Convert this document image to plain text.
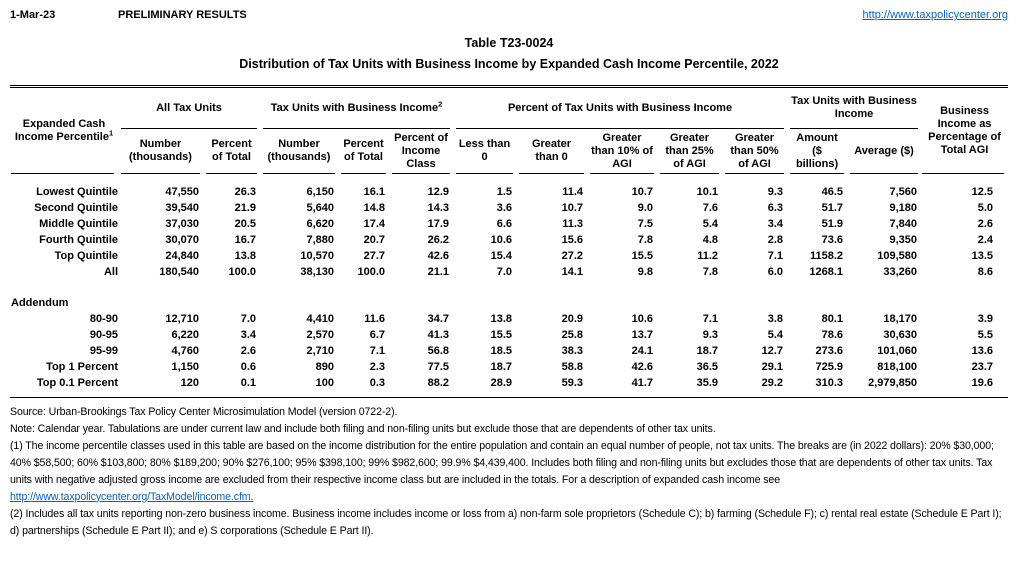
1-Mar-23	PRELIMINARY RESULTS	http://www.taxpolicycenter.org
Table T23-0024
Distribution of Tax Units with Business Income by Expanded Cash Income Percentile, 2022
Expanded Cash Income Percentile$^1$	All Tax Units		Tax Units with Business Income$^2$			Percent of Tax Units with Business Income					Tax Units with Business Income		Business Income as Percentage of Total AGI
	Number (thousands)	Percent of Total	Number (thousands)	Percent of Total	Percent of Income Class	Less than 0	Greater than 0	Greater than 10% of AGI	Greater than 25% of AGI	Greater than 50% of AGI	Amount ($ billions)	Average ($)	
Lowest Quintile	47,550	26.3	6,150	16.1	12.9	1.5	11.4	10.7	10.1	9.3	46.5	7,560	12.5
Second Quintile	39,540	21.9	5,640	14.8	14.3	3.6	10.7	9.0	7.6	6.3	51.7	9,180	5.0
Middle Quintile	37,030	20.5	6,620	17.4	17.9	6.6	11.3	7.5	5.4	3.4	51.9	7,840	2.6
Fourth Quintile	30,070	16.7	7,880	20.7	26.2	10.6	15.6	7.8	4.8	2.8	73.6	9,350	2.4
Top Quintile	24,840	13.8	10,570	27.7	42.6	15.4	27.2	15.5	11.2	7.1	1158.2	109,580	13.5
All	180,540	100.0	38,130	100.0	21.1	7.0	14.1	9.8	7.8	6.0	1268.1	33,260	8.6

Addendum													
80-90	12,710	7.0	4,410	11.6	34.7	13.8	20.9	10.6	7.1	3.8	80.1	18,170	3.9
90-95	6,220	3.4	2,570	6.7	41.3	15.5	25.8	13.7	9.3	5.4	78.6	30,630	5.5
95-99	4,760	2.6	2,710	7.1	56.8	18.5	38.3	24.1	18.7	12.7	273.6	101,060	13.6
Top 1 Percent	1,150	0.6	890	2.3	77.5	18.7	58.8	42.6	36.5	29.1	725.9	818,100	23.7
Top 0.1 Percent	120	0.1	100	0.3	88.2	28.9	59.3	41.7	35.9	29.2	310.3	2,979,850	19.6
Source: Urban-Brookings Tax Policy Center Microsimulation Model (version 0722-2).
Note: Calendar year. Tabulations are under current law and include both filing and non-filing units but exclude those that are dependents of other tax units.
(1) The income percentile classes used in this table are based on the income distribution for the entire population and contain an equal number of people, not tax units. The breaks are (in 2022 dollars): 20% $30,000; 40% $58,500; 60% $103,800; 80% $189,200; 90% $276,100; 95% $398,100; 99% $982,600; 99.9% $4,439,400. Includes both filing and non-filing units but excludes those that are dependents of other tax units. Tax units with negative adjusted gross income are excluded from their respective income class but are included in the totals. For a description of expanded cash income see
http://www.taxpolicycenter.org/TaxModel/income.cfm.
(2) Includes all tax units reporting non-zero business income. Business income includes income or loss from a) non-farm sole proprietors (Schedule C); b) farming (Schedule F); c) rental real estate (Schedule E Part I); d) partnerships (Schedule E Part II); and e) S corporations (Schedule E Part II).
